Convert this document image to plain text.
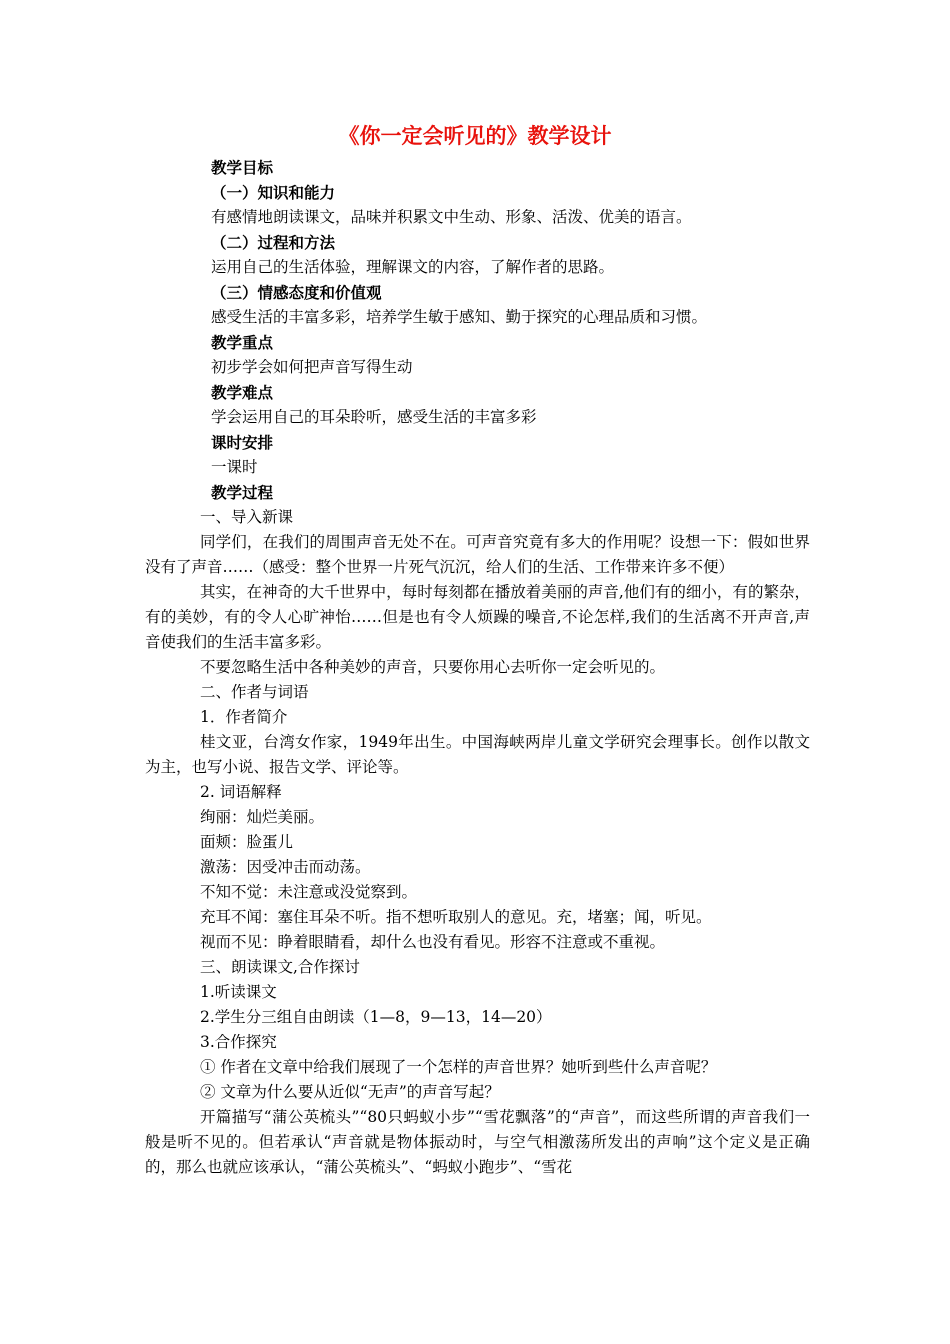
《你一定会听见的》教学设计

教学目标

（一）知识和能力

有感情地朗读课文，品味并积累文中生动、形象、活泼、优美的语言。

（二）过程和方法

运用自己的生活体验，理解课文的内容，了解作者的思路。

（三）情感态度和价值观

感受生活的丰富多彩，培养学生敏于感知、勤于探究的心理品质和习惯。

教学重点

初步学会如何把声音写得生动

教学难点

学会运用自己的耳朵聆听，感受生活的丰富多彩

课时安排

一课时

教学过程

一、导入新课

同学们，在我们的周围声音无处不在。可声音究竟有多大的作用呢？设想一下：假如世界没有了声音……（感受：整个世界一片死气沉沉，给人们的生活、工作带来许多不便）

其实，在神奇的大千世界中，每时每刻都在播放着美丽的声音,他们有的细小，有的繁杂，有的美妙，有的令人心旷神怡……但是也有令人烦躁的噪音,不论怎样,我们的生活离不开声音,声音使我们的生活丰富多彩。

不要忽略生活中各种美妙的声音，只要你用心去听你一定会听见的。

二、作者与词语

1．作者简介

桂文亚，台湾女作家，1949年出生。中国海峡两岸儿童文学研究会理事长。创作以散文为主，也写小说、报告文学、评论等。

2. 词语解释

绚丽：灿烂美丽。

面颊：脸蛋儿

激荡：因受冲击而动荡。

不知不觉：未注意或没觉察到。

充耳不闻：塞住耳朵不听。指不想听取别人的意见。充，堵塞；闻，听见。

视而不见：睁着眼睛看，却什么也没有看见。形容不注意或不重视。

三、朗读课文,合作探讨

1.听读课文

2.学生分三组自由朗读（1—8，9—13，14—20）

3.合作探究

① 作者在文章中给我们展现了一个怎样的声音世界？她听到些什么声音呢？

② 文章为什么要从近似“无声”的声音写起？

开篇描写“蒲公英梳头”“80只蚂蚁小步”“雪花飘落”的“声音”，而这些所谓的声音我们一般是听不见的。但若承认“声音就是物体振动时，与空气相激荡所发出的声响”这个定义是正确的，那么也就应该承认，“蒲公英梳头”、“蚂蚁小跑步”、“雪花
